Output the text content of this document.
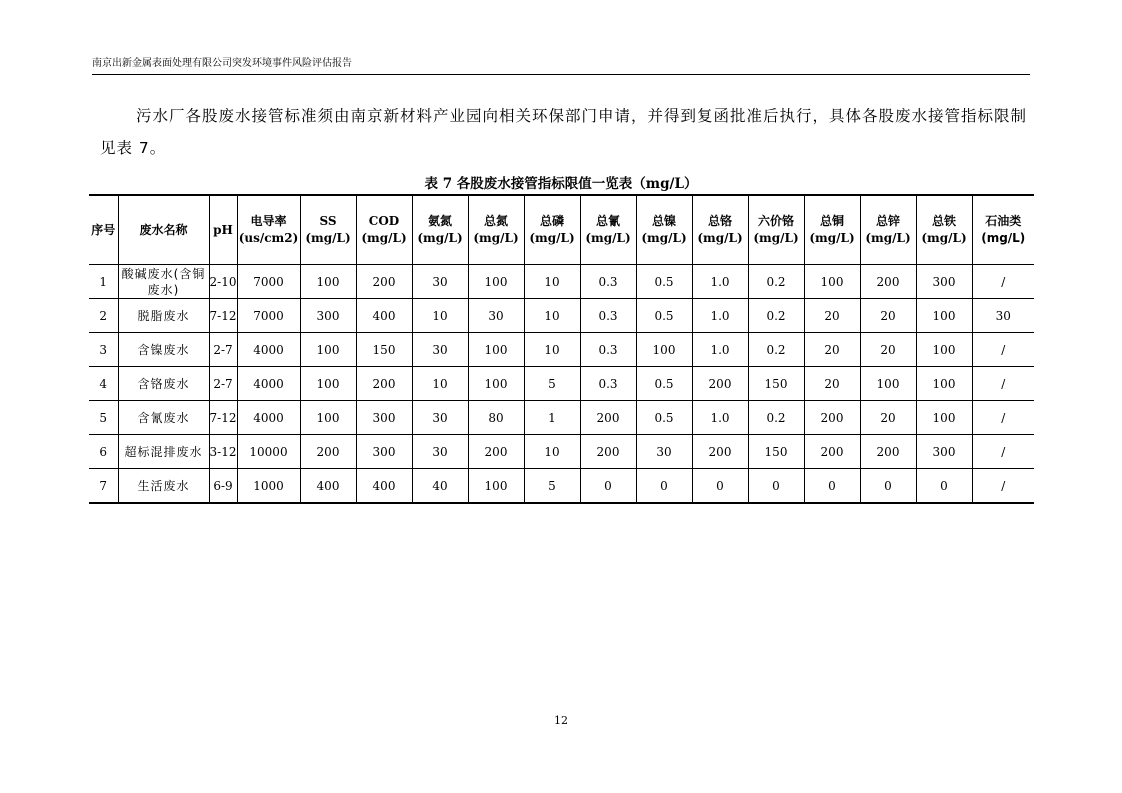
南京出新金属表面处理有限公司突发环境事件风险评估报告

污水厂各股废水接管标准须由南京新材料产业园向相关环保部门申请，并得到复函批准后执行，具体各股废水接管指标限制见表 7。

表 7 各股废水接管指标限值一览表（mg/L）
序号	废水名称	pH	电导率 (us/cm2)	SS (mg/L)	COD (mg/L)	氨氮 (mg/L)	总氮 (mg/L)	总磷 (mg/L)	总氰 (mg/L)	总镍 (mg/L)	总铬 (mg/L)	六价铬 (mg/L)	总铜 (mg/L)	总锌 (mg/L)	总铁 (mg/L)	石油类 (mg/L)
1	酸碱废水(含铜废水)	2-10	7000	100	200	30	100	10	0.3	0.5	1.0	0.2	100	200	300	/
2	脱脂废水	7-12	7000	300	400	10	30	10	0.3	0.5	1.0	0.2	20	20	100	30
3	含镍废水	2-7	4000	100	150	30	100	10	0.3	100	1.0	0.2	20	20	100	/
4	含铬废水	2-7	4000	100	200	10	100	5	0.3	0.5	200	150	20	100	100	/
5	含氰废水	7-12	4000	100	300	30	80	1	200	0.5	1.0	0.2	200	20	100	/
6	超标混排废水	3-12	10000	200	300	30	200	10	200	30	200	150	200	200	300	/
7	生活废水	6-9	1000	400	400	40	100	5	0	0	0	0	0	0	0	/
12
